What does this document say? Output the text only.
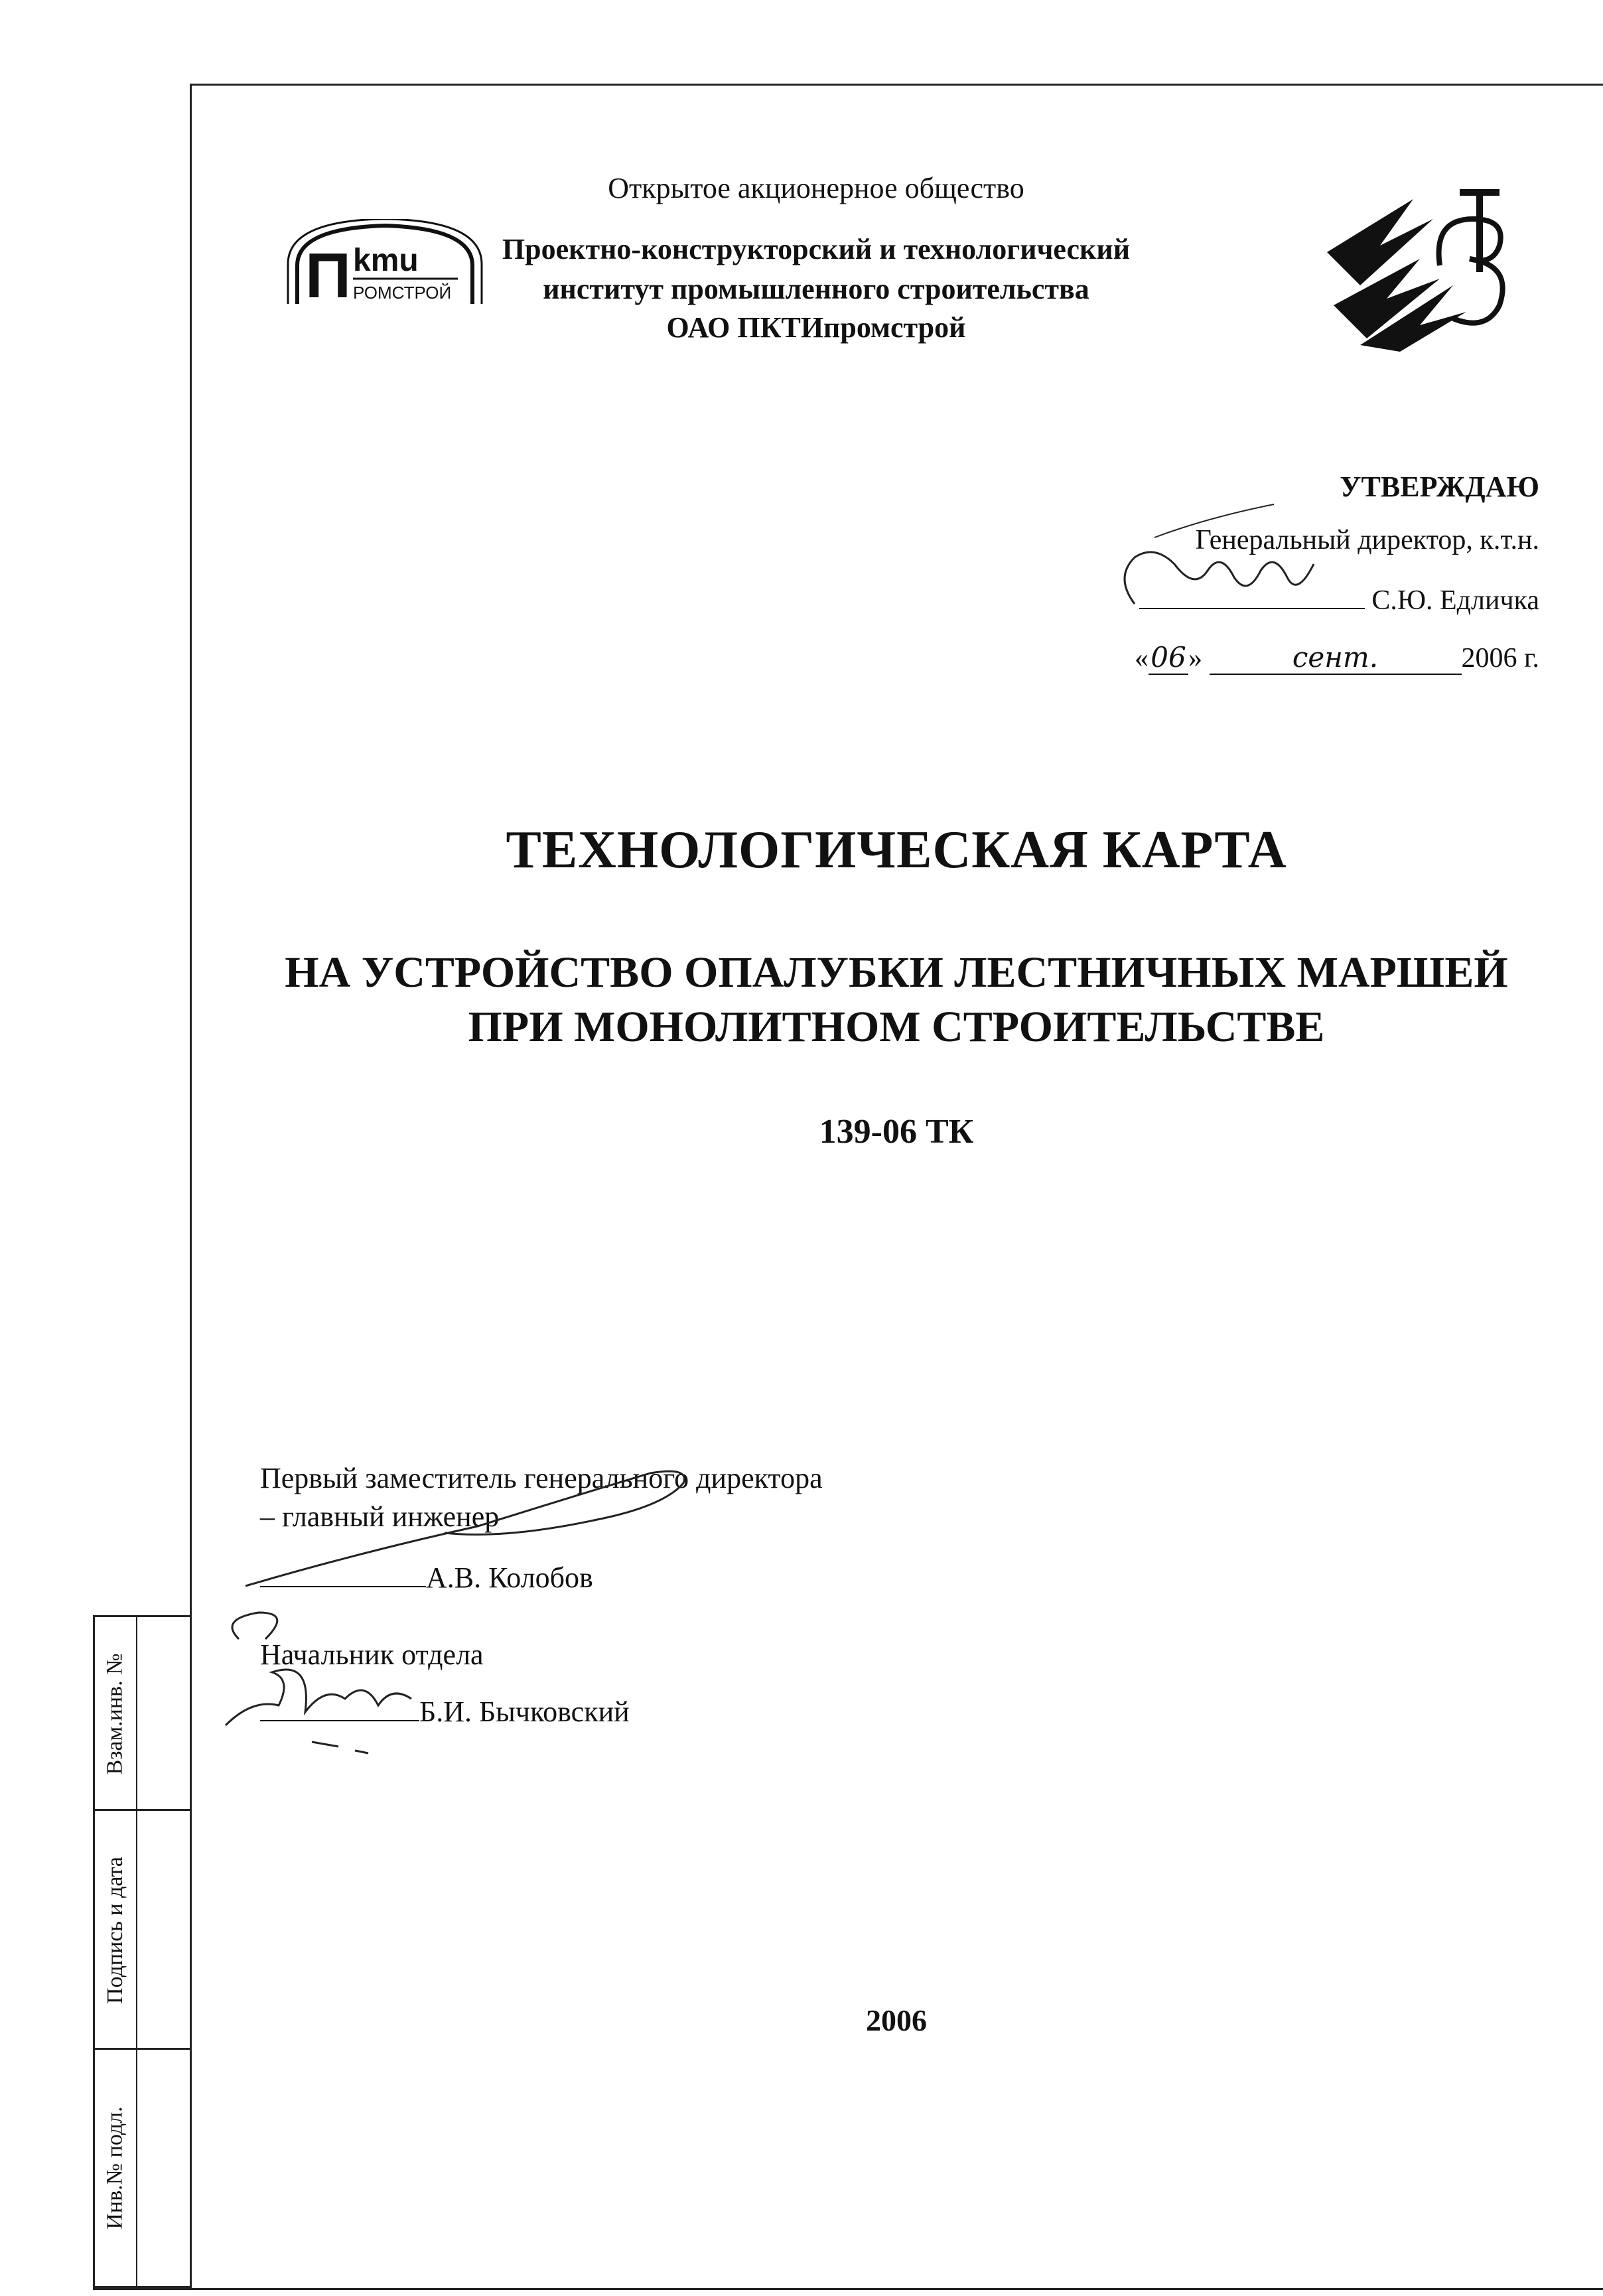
Открытое акционерное общество
Проектно-конструкторский и технологический
институт промышленного строительства
ОАО ПКТИпромстрой
П kmu
РОМСТРОЙ
УТВЕРЖДАЮ
Генеральный директор, к.т.н.
С.Ю. Едличка
«06»	сент.	2006 г.
ТЕХНОЛОГИЧЕСКАЯ КАРТА
НА УСТРОЙСТВО ОПАЛУБКИ ЛЕСТНИЧНЫХ МАРШЕЙ
ПРИ МОНОЛИТНОМ СТРОИТЕЛЬСТВЕ
139-06 ТК
Первый заместитель генерального директора
– главный инженер
А.В. Колобов
Начальник отдела
Б.И. Бычковский
2006
Взам.инв. №
Подпись и дата
Инв.№ подл.
